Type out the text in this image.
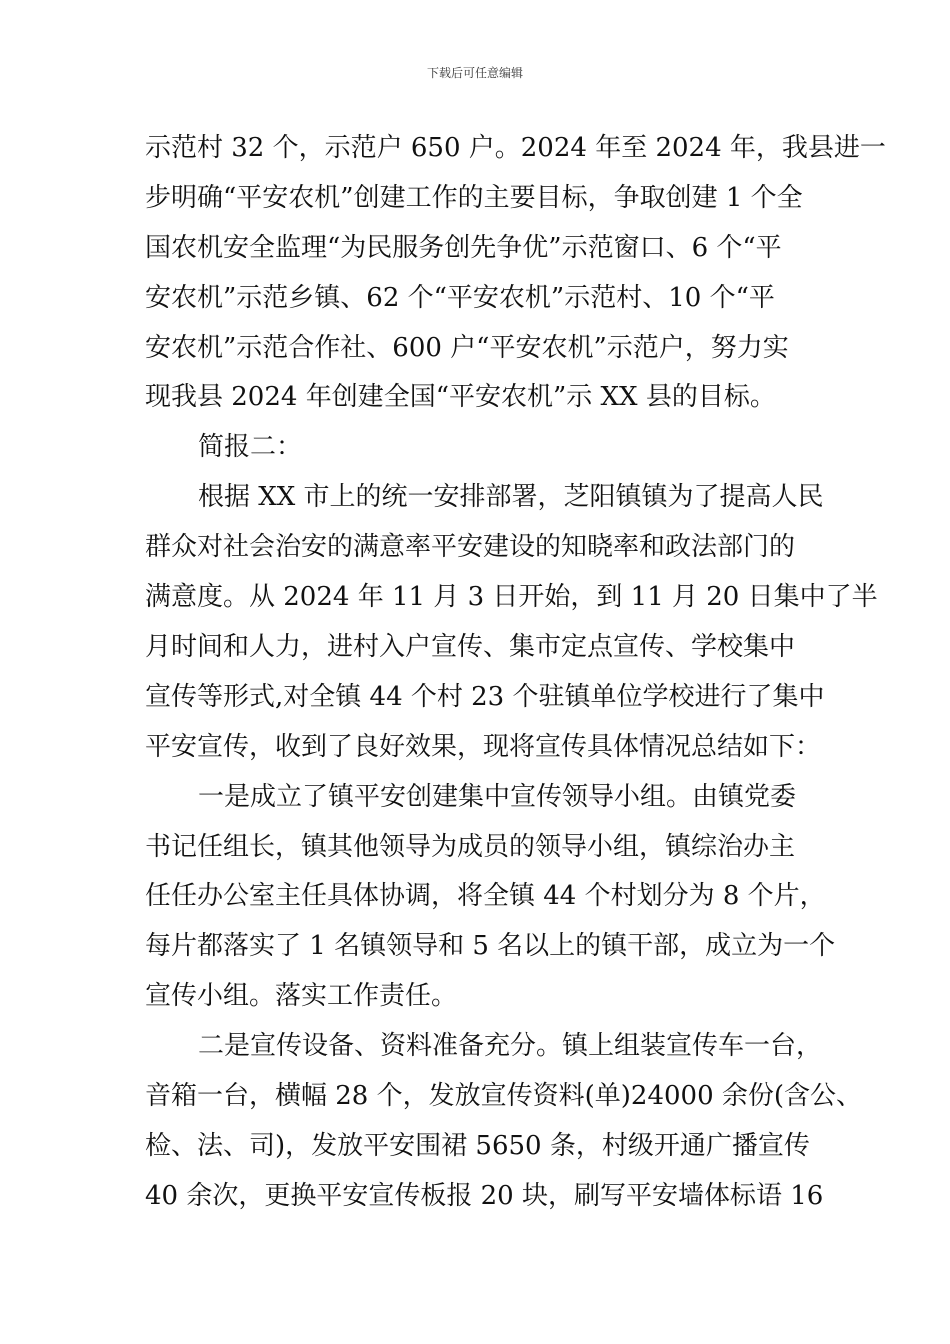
下载后可任意编辑
示范村 32 个，示范户 650 户。2024 年至 2024 年，我县进一
步明确“平安农机”创建工作的主要目标，争取创建 1 个全
国农机安全监理“为民服务创先争优”示范窗口、6 个“平
安农机”示范乡镇、62 个“平安农机”示范村、10 个“平
安农机”示范合作社、600 户“平安农机”示范户，努力实
现我县 2024 年创建全国“平安农机”示 XX 县的目标。
简报二：
根据 XX 市上的统一安排部署，芝阳镇镇为了提高人民
群众对社会治安的满意率平安建设的知晓率和政法部门的
满意度。从 2024 年 11 月 3 日开始，到 11 月 20 日集中了半
月时间和人力，进村入户宣传、集市定点宣传、学校集中
宣传等形式,对全镇 44 个村 23 个驻镇单位学校进行了集中
平安宣传，收到了良好效果，现将宣传具体情况总结如下：
一是成立了镇平安创建集中宣传领导小组。由镇党委
书记任组长，镇其他领导为成员的领导小组，镇综治办主
任任办公室主任具体协调，将全镇 44 个村划分为 8 个片，
每片都落实了 1 名镇领导和 5 名以上的镇干部，成立为一个
宣传小组。落实工作责任。
二是宣传设备、资料准备充分。镇上组装宣传车一台，
音箱一台，横幅 28 个，发放宣传资料(单)24000 余份(含公、
检、法、司)，发放平安围裙 5650 条，村级开通广播宣传
40 余次，更换平安宣传板报 20 块，刷写平安墙体标语 16
